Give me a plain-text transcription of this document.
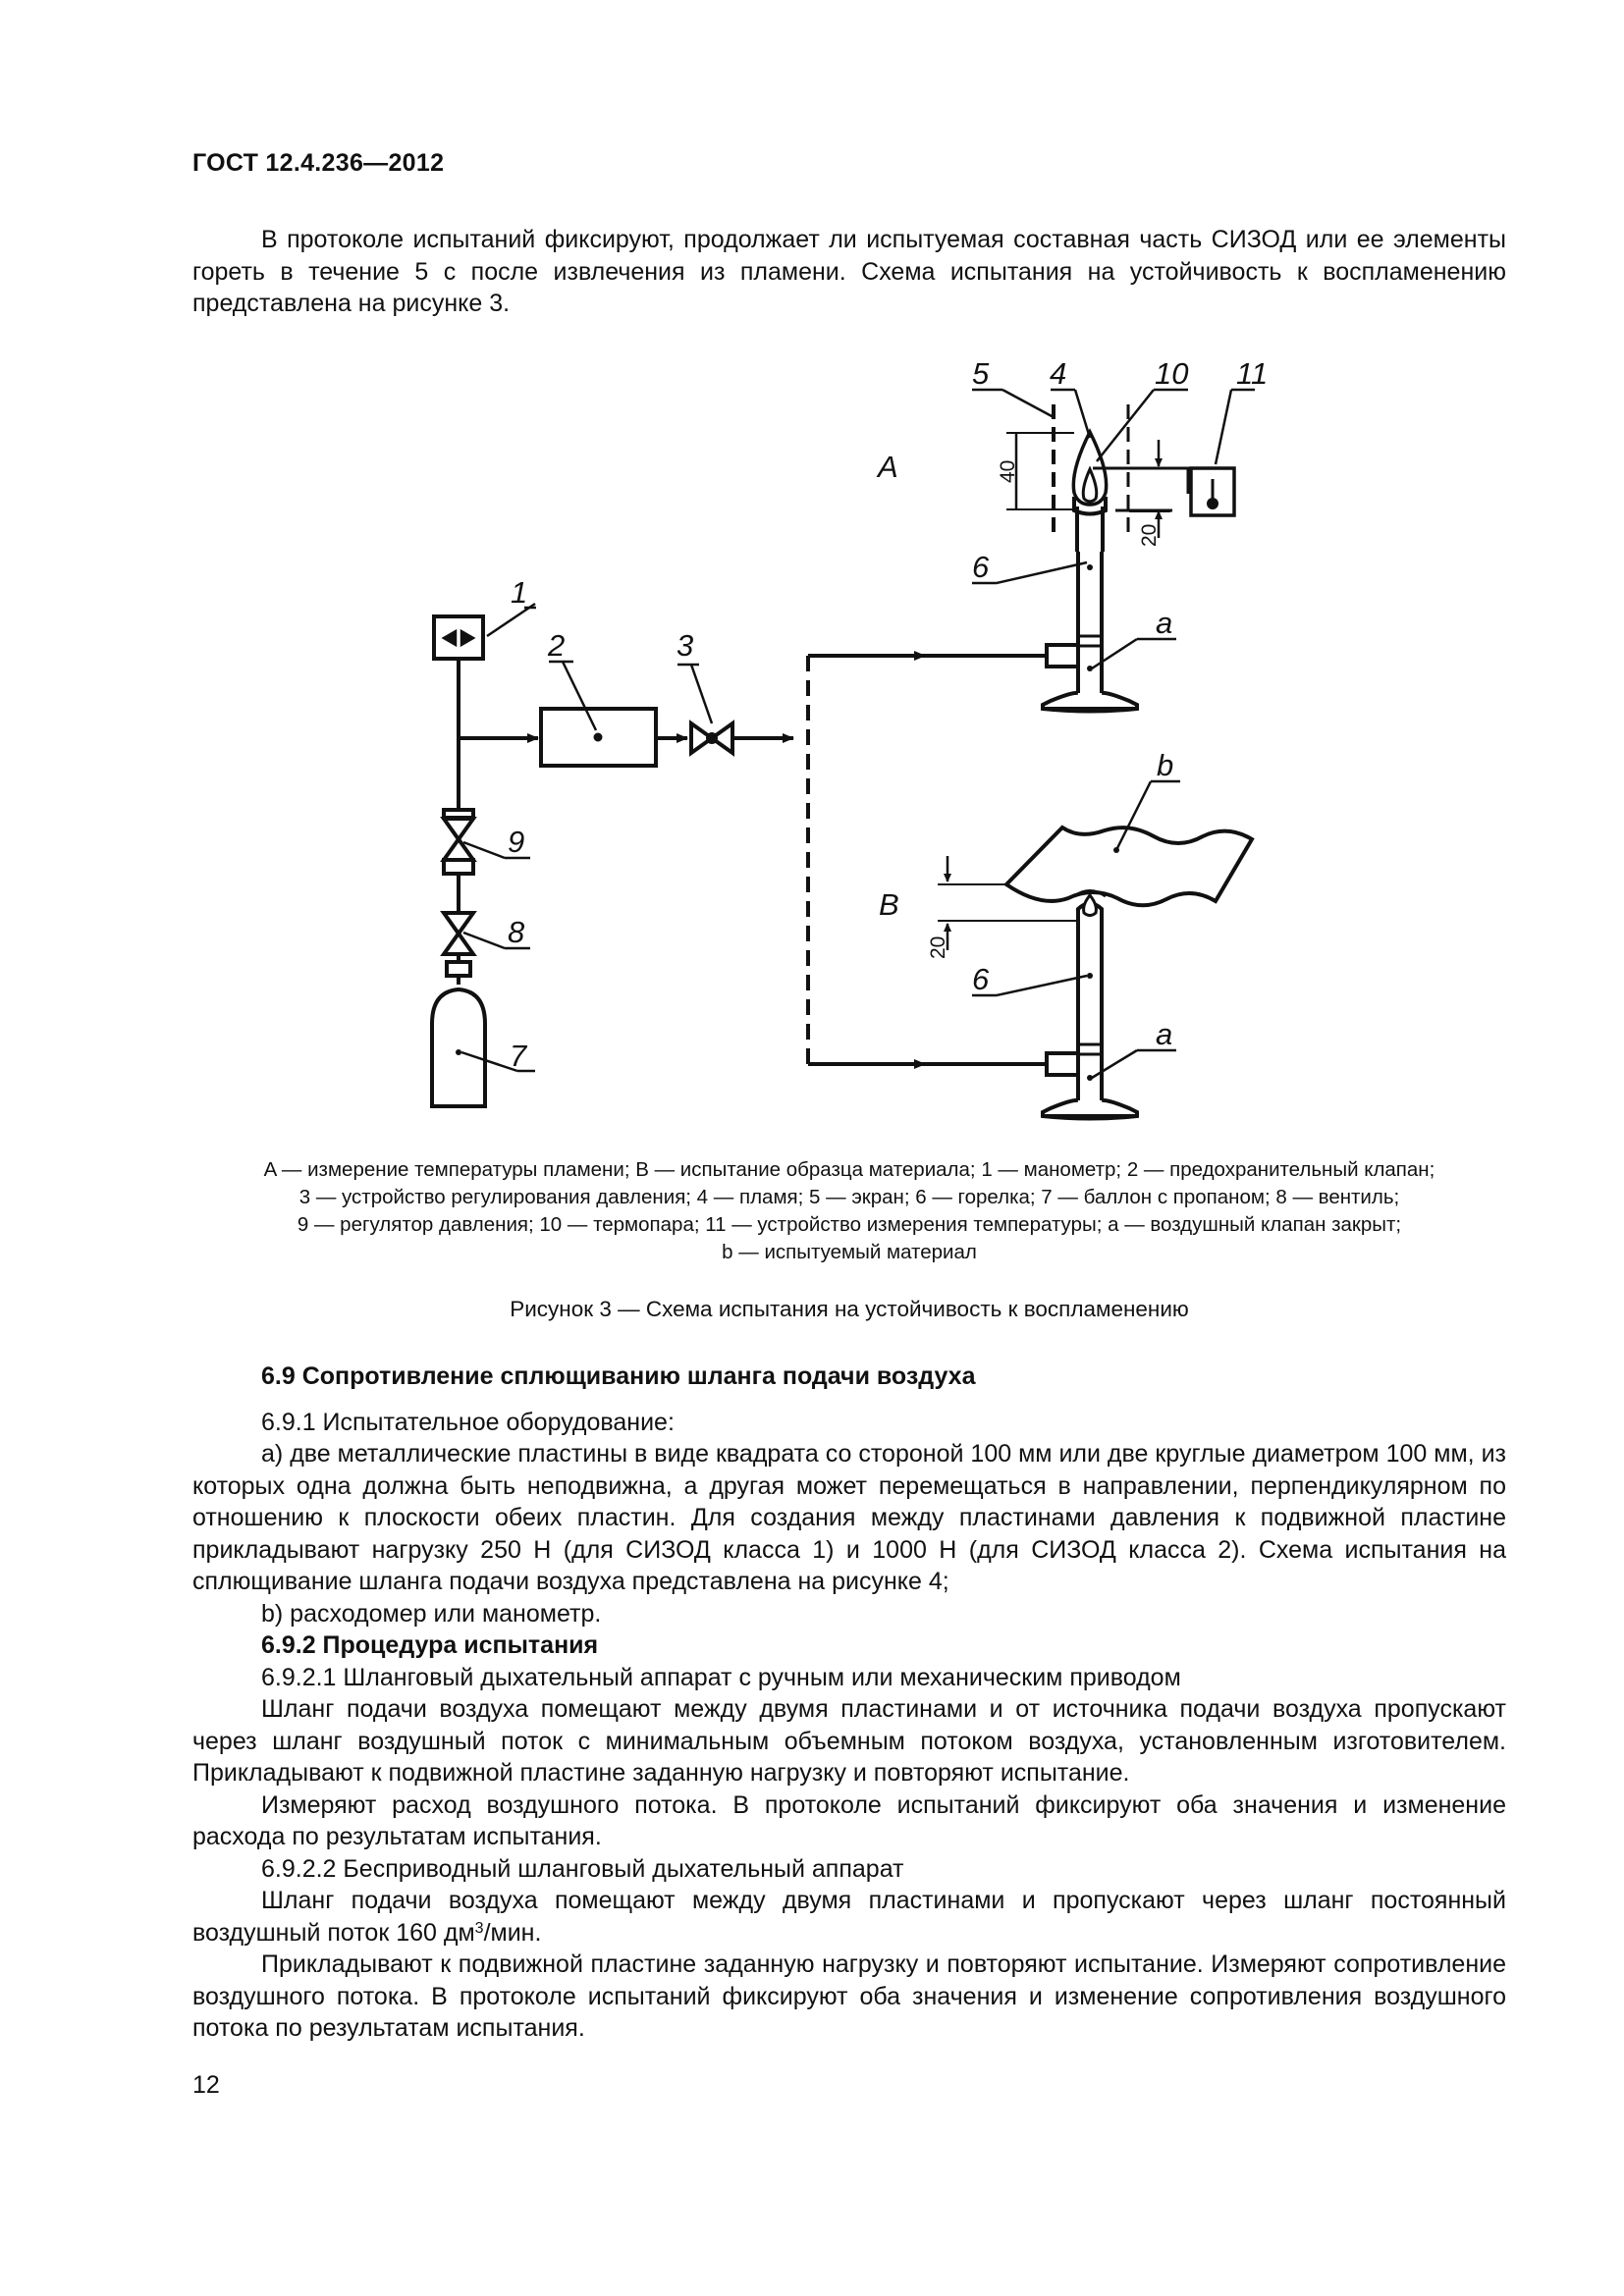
ГОСТ 12.4.236—2012

В протоколе испытаний фиксируют, продолжает ли испытуемая составная часть СИЗОД или ее элементы гореть в течение 5 с после извлечения из пламени. Схема испытания на устойчивость к воспламенению представлена на рисунке 3.

1
2	3
9
8
7
5 4	10 11
6
a
b
6
a
A
B
40
20
20
A — измерение температуры пламени; B — испытание образца материала; 1 — манометр; 2 — предохранительный клапан;
3 — устройство регулирования давления; 4 — пламя; 5 — экран; 6 — горелка; 7 — баллон с пропаном; 8 — вентиль;
9 — регулятор давления; 10 — термопара; 11 — устройство измерения температуры; a — воздушный клапан закрыт;
b — испытуемый материал
Рисунок 3 — Схема испытания на устойчивость к воспламенению

6.9 Сопротивление сплющиванию шланга подачи воздуха

6.9.1 Испытательное оборудование:

а) две металлические пластины в виде квадрата со стороной 100 мм или две круглые диаметром 100 мм, из которых одна должна быть неподвижна, а другая может перемещаться в направлении, перпендикулярном по отношению к плоскости обеих пластин. Для создания между пластинами давления к подвижной пластине прикладывают нагрузку 250 Н (для СИЗОД класса 1) и 1000 Н (для СИЗОД класса 2). Схема испытания на сплющивание шланга подачи воздуха представлена на рисунке 4;

b) расходомер или манометр.

6.9.2 Процедура испытания

6.9.2.1 Шланговый дыхательный аппарат с ручным или механическим приводом

Шланг подачи воздуха помещают между двумя пластинами и от источника подачи воздуха пропускают через шланг воздушный поток с минимальным объемным потоком воздуха, установленным изготовителем. Прикладывают к подвижной пластине заданную нагрузку и повторяют испытание.

Измеряют расход воздушного потока. В протоколе испытаний фиксируют оба значения и изменение расхода по результатам испытания.

6.9.2.2 Бесприводный шланговый дыхательный аппарат

Шланг подачи воздуха помещают между двумя пластинами и пропускают через шланг постоянный воздушный поток 160 $дм^3$/мин.

Прикладывают к подвижной пластине заданную нагрузку и повторяют испытание. Измеряют сопротивление воздушного потока. В протоколе испытаний фиксируют оба значения и изменение сопротивления воздушного потока по результатам испытания.

12
